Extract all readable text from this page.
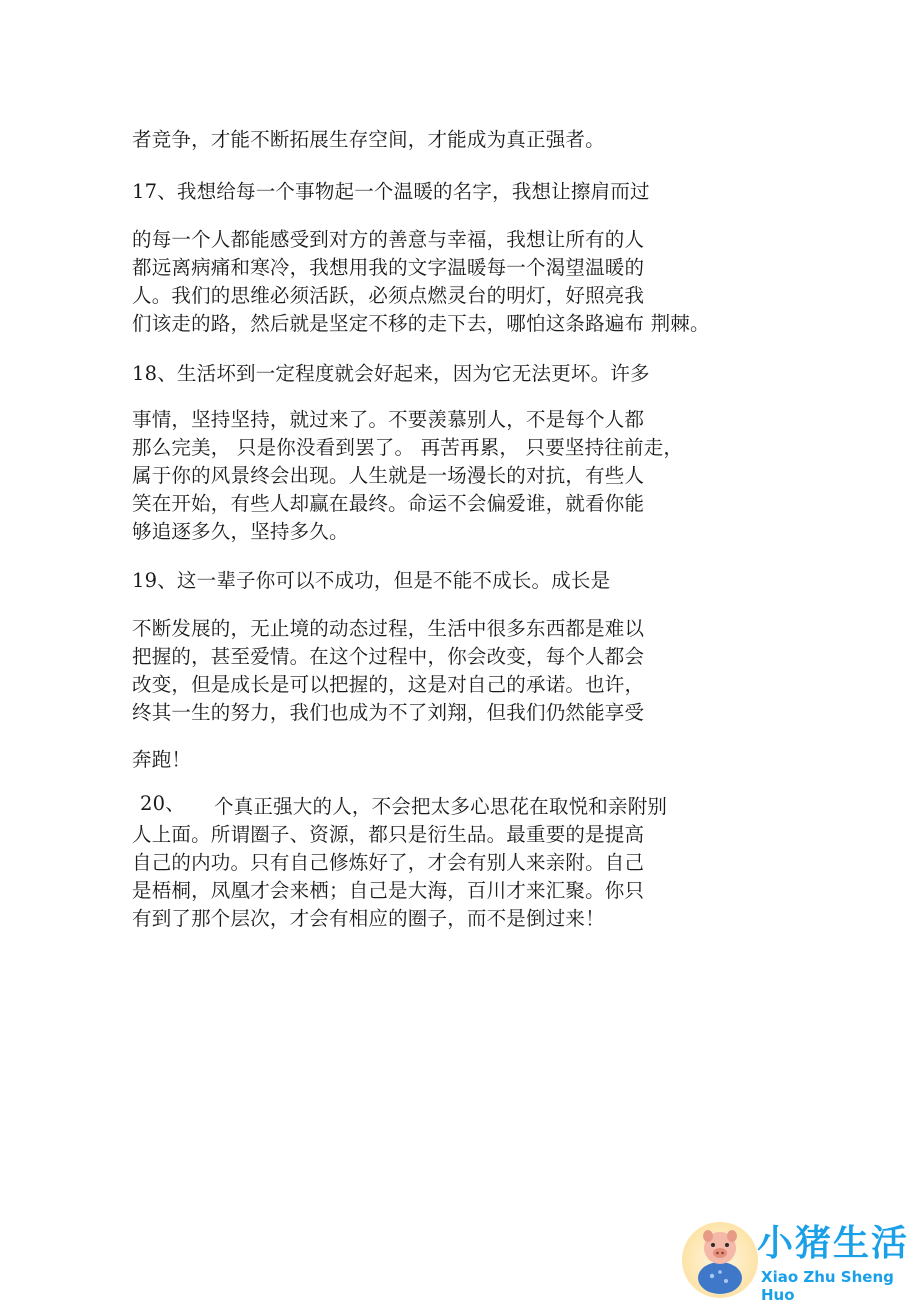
者竞争，才能不断拓展生存空间，才能成为真正强者。
17、我想给每一个事物起一个温暖的名字，我想让擦肩而过
的每一个人都能感受到对方的善意与幸福，我想让所有的人
都远离病痛和寒冷，我想用我的文字温暖每一个渴望温暖的
人。我们的思维必须活跃，必须点燃灵台的明灯，好照亮我
们该走的路，然后就是坚定不移的走下去，哪怕这条路遍布 荆棘。
18、生活坏到一定程度就会好起来，因为它无法更坏。许多
事情，坚持坚持，就过来了。不要羡慕别人，不是每个人都
那么完美， 只是你没看到罢了。 再苦再累， 只要坚持往前走，
属于你的风景终会出现。人生就是一场漫长的对抗，有些人
笑在开始，有些人却赢在最终。命运不会偏爱谁，就看你能
够追逐多久，坚持多久。
19、这一辈子你可以不成功，但是不能不成长。成长是
不断发展的，无止境的动态过程，生活中很多东西都是难以
把握的，甚至爱情。在这个过程中，你会改变，每个人都会
改变，但是成长是可以把握的，这是对自己的承诺。也许，
终其一生的努力，我们也成为不了刘翔，但我们仍然能享受
奔跑！
20、 个真正强大的人，不会把太多心思花在取悦和亲附别
人上面。所谓圈子、资源，都只是衍生品。最重要的是提高
自己的内功。只有自己修炼好了，才会有别人来亲附。自己
是梧桐，凤凰才会来栖；自己是大海，百川才来汇聚。你只
有到了那个层次，才会有相应的圈子，而不是倒过来！
小猪生活
Xiao Zhu Sheng Huo
